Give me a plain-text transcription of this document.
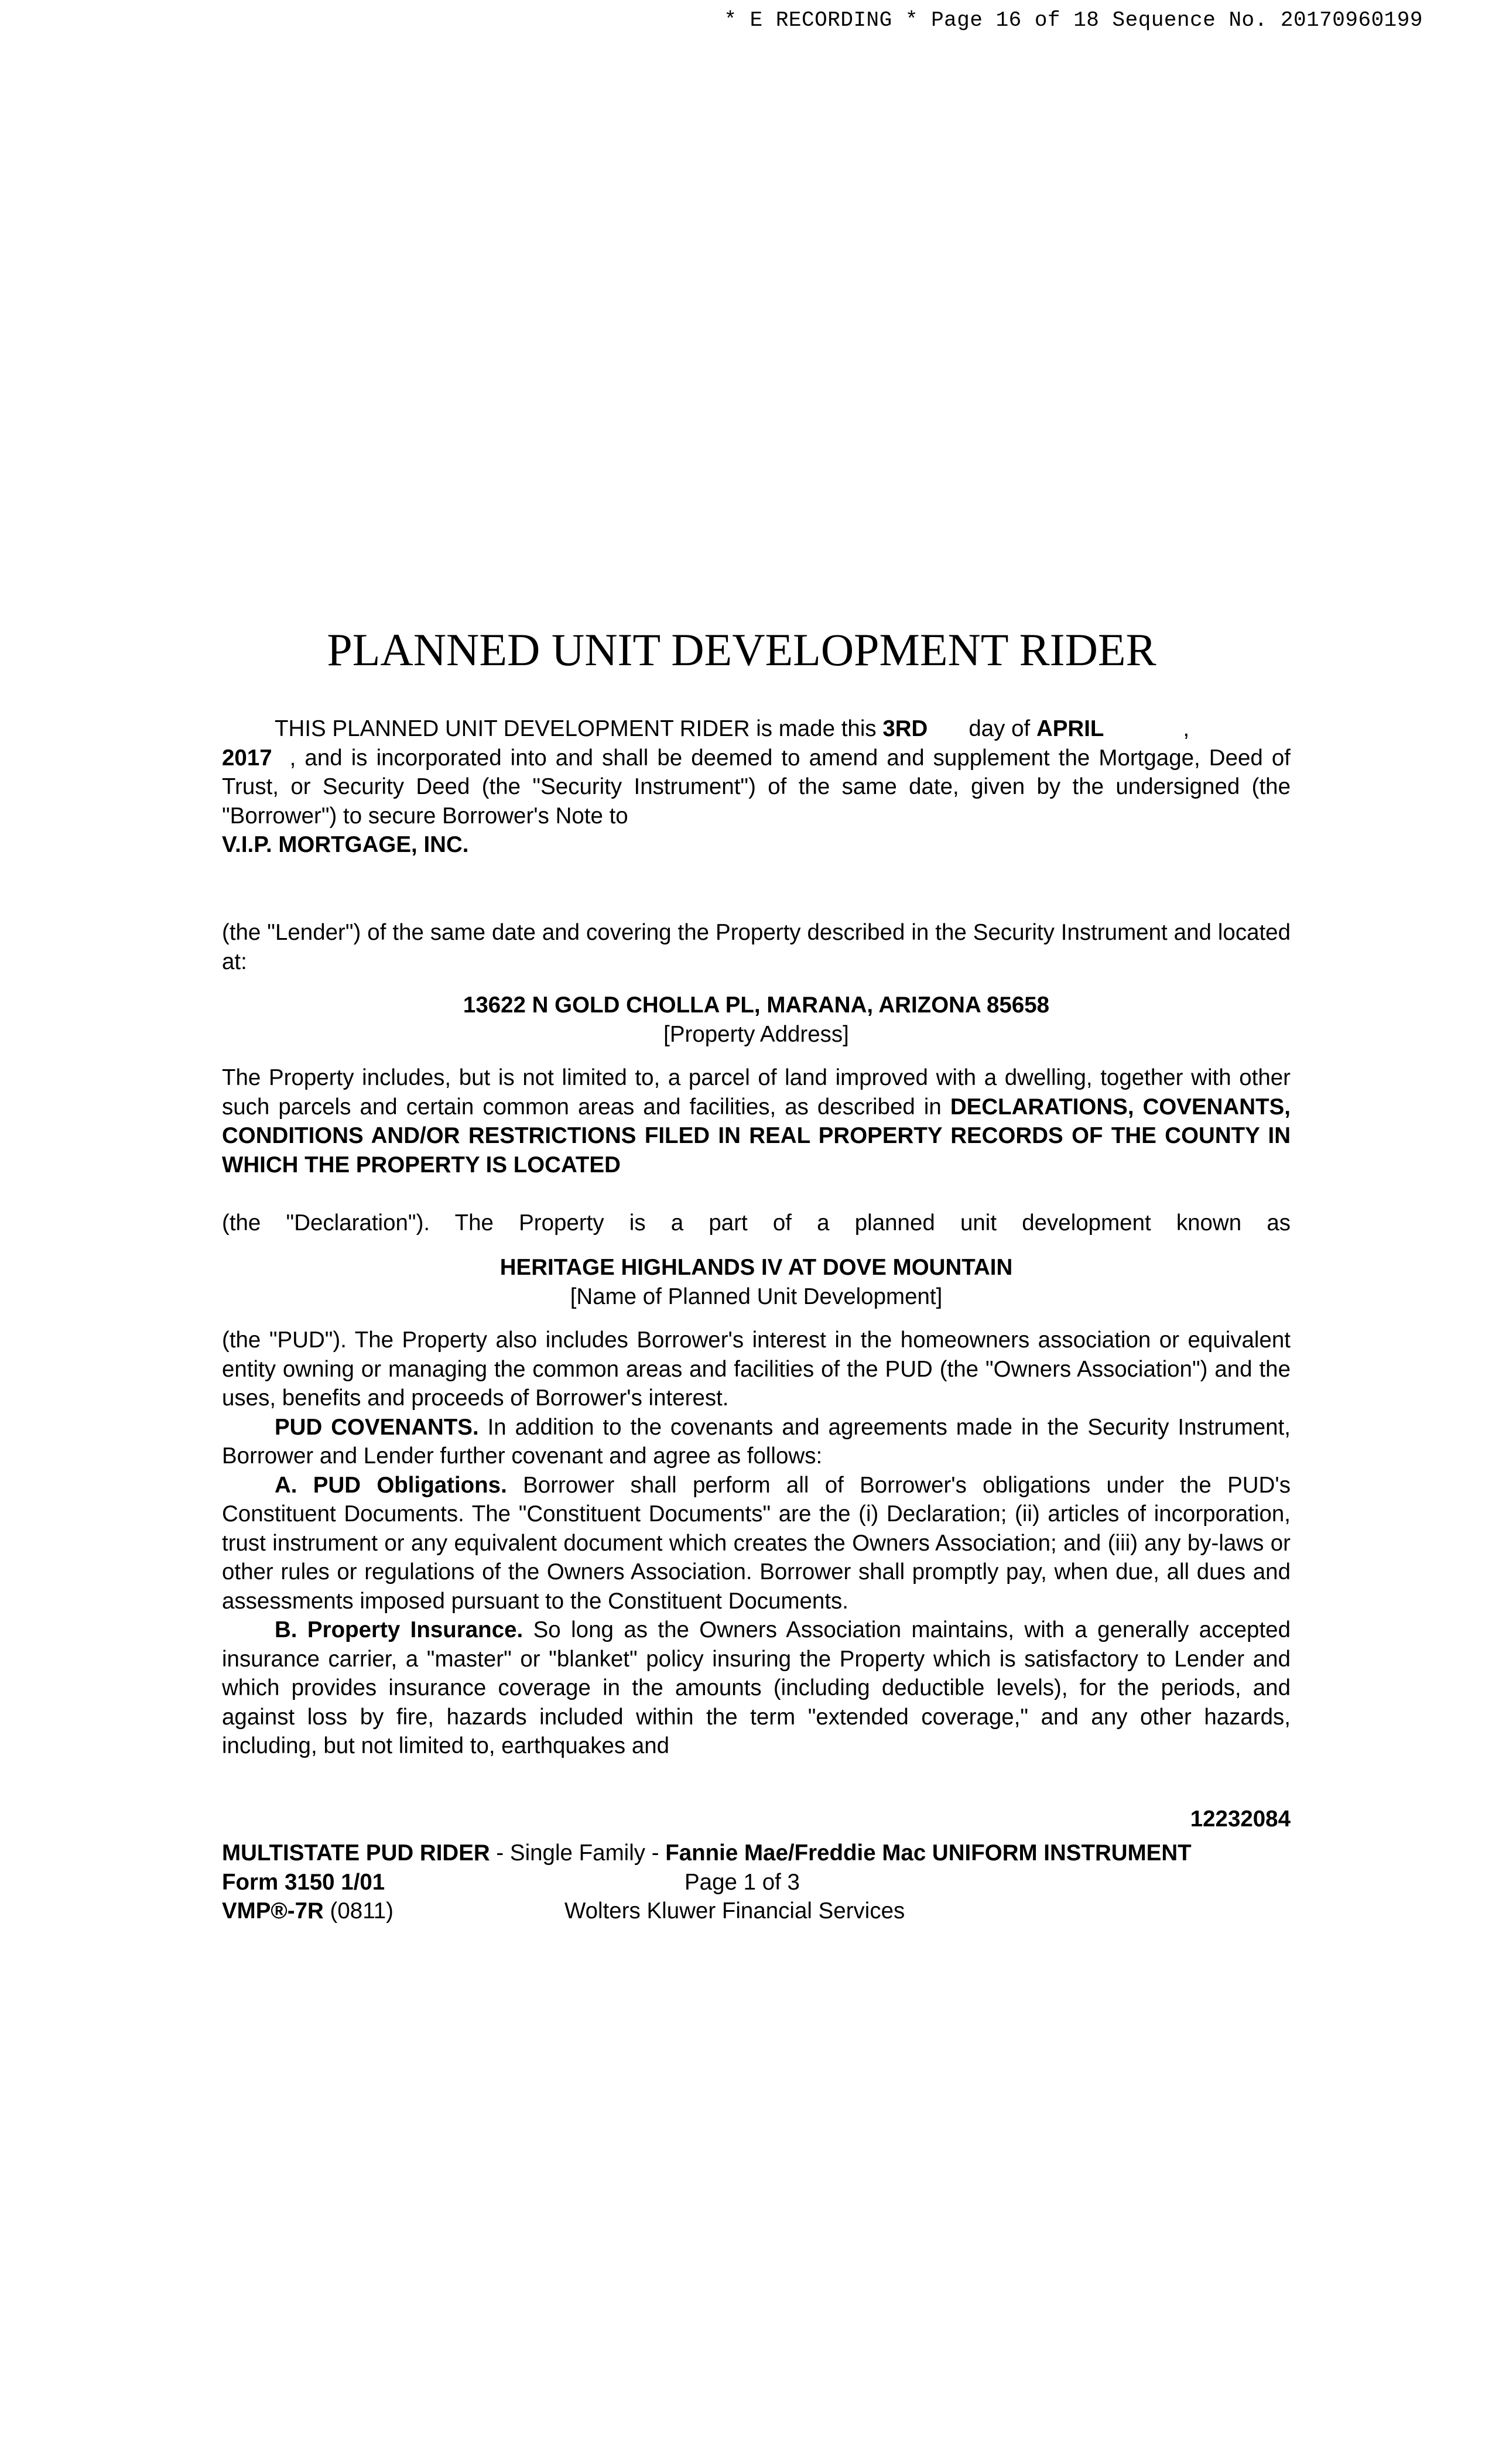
* E RECORDING * Page 16 of 18 Sequence No. 20170960199
PLANNED UNIT DEVELOPMENT RIDER

THIS PLANNED UNIT DEVELOPMENT RIDER is made this 3RD day of APRIL	,

2017 , and is incorporated into and shall be deemed to amend and supplement the Mortgage, Deed of Trust, or Security Deed (the "Security Instrument") of the same date, given by the undersigned (the "Borrower") to secure Borrower's Note to

V.I.P. MORTGAGE, INC.

(the "Lender") of the same date and covering the Property described in the Security Instrument and located at:

13622 N GOLD CHOLLA PL, MARANA, ARIZONA 85658

[Property Address]

The Property includes, but is not limited to, a parcel of land improved with a dwelling, together with other such parcels and certain common areas and facilities, as described in DECLARATIONS, COVENANTS, CONDITIONS AND/OR RESTRICTIONS FILED IN REAL PROPERTY RECORDS OF THE COUNTY IN WHICH THE PROPERTY IS LOCATED

(the "Declaration"). The Property is a part of a planned unit development known as

HERITAGE HIGHLANDS IV AT DOVE MOUNTAIN

[Name of Planned Unit Development]

(the "PUD"). The Property also includes Borrower's interest in the homeowners association or equivalent entity owning or managing the common areas and facilities of the PUD (the "Owners Association") and the uses, benefits and proceeds of Borrower's interest.

PUD COVENANTS. In addition to the covenants and agreements made in the Security Instrument, Borrower and Lender further covenant and agree as follows:

A. PUD Obligations. Borrower shall perform all of Borrower's obligations under the PUD's Constituent Documents. The "Constituent Documents" are the (i) Declaration; (ii) articles of incorporation, trust instrument or any equivalent document which creates the Owners Association; and (iii) any by-laws or other rules or regulations of the Owners Association. Borrower shall promptly pay, when due, all dues and assessments imposed pursuant to the Constituent Documents.

B. Property Insurance. So long as the Owners Association maintains, with a generally accepted insurance carrier, a "master" or "blanket" policy insuring the Property which is satisfactory to Lender and which provides insurance coverage in the amounts (including deductible levels), for the periods, and against loss by fire, hazards included within the term "extended coverage," and any other hazards, including, but not limited to, earthquakes and

12232084
MULTISTATE PUD RIDER - Single Family - Fannie Mae/Freddie Mac UNIFORM INSTRUMENT
Form 3150 1/01	Page 1 of 3
VMP®-7R (0811)	Wolters Kluwer Financial Services
